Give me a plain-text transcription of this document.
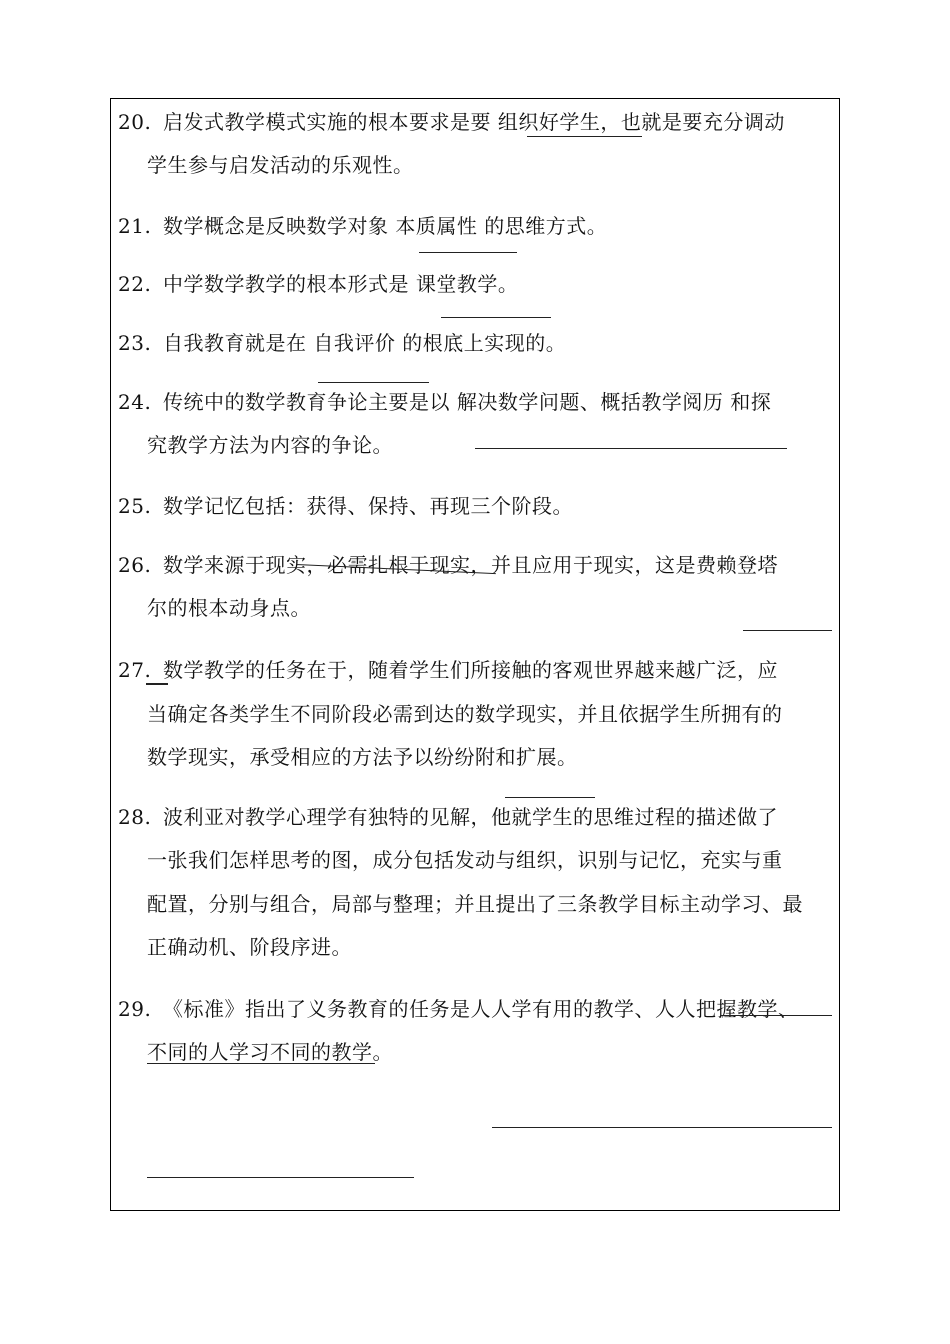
20. 启发式教学模式实施的根本要求是要 组织好学生，也就是要充分调动
学生参与启发活动的乐观性。
21. 数学概念是反映数学对象 本质属性 的思维方式。
22. 中学数学教学的根本形式是 课堂教学。
23. 自我教育就是在 自我评价 的根底上实现的。
24. 传统中的数学教育争论主要是以 解决数学问题、概括教学阅历 和探
究教学方法为内容的争论。
25. 数学记忆包括：获得、保持、再现三个阶段。
26. 数学来源于现实，必需扎根于现实，并且应用于现实，这是费赖登塔
尔的根本动身点。
27. 数学教学的任务在于，随着学生们所接触的客观世界越来越广泛，应
当确定各类学生不同阶段必需到达的数学现实，并且依据学生所拥有的
数学现实，承受相应的方法予以纷纷附和扩展。
28. 波利亚对教学心理学有独特的见解，他就学生的思维过程的描述做了
一张我们怎样思考的图，成分包括发动与组织，识别与记忆，充实与重
配置，分别与组合，局部与整理；并且提出了三条教学目标主动学习、最
正确动机、阶段序进。
29. 《标准》指出了义务教育的任务是人人学有用的教学、人人把握教学、
不同的人学习不同的教学。
